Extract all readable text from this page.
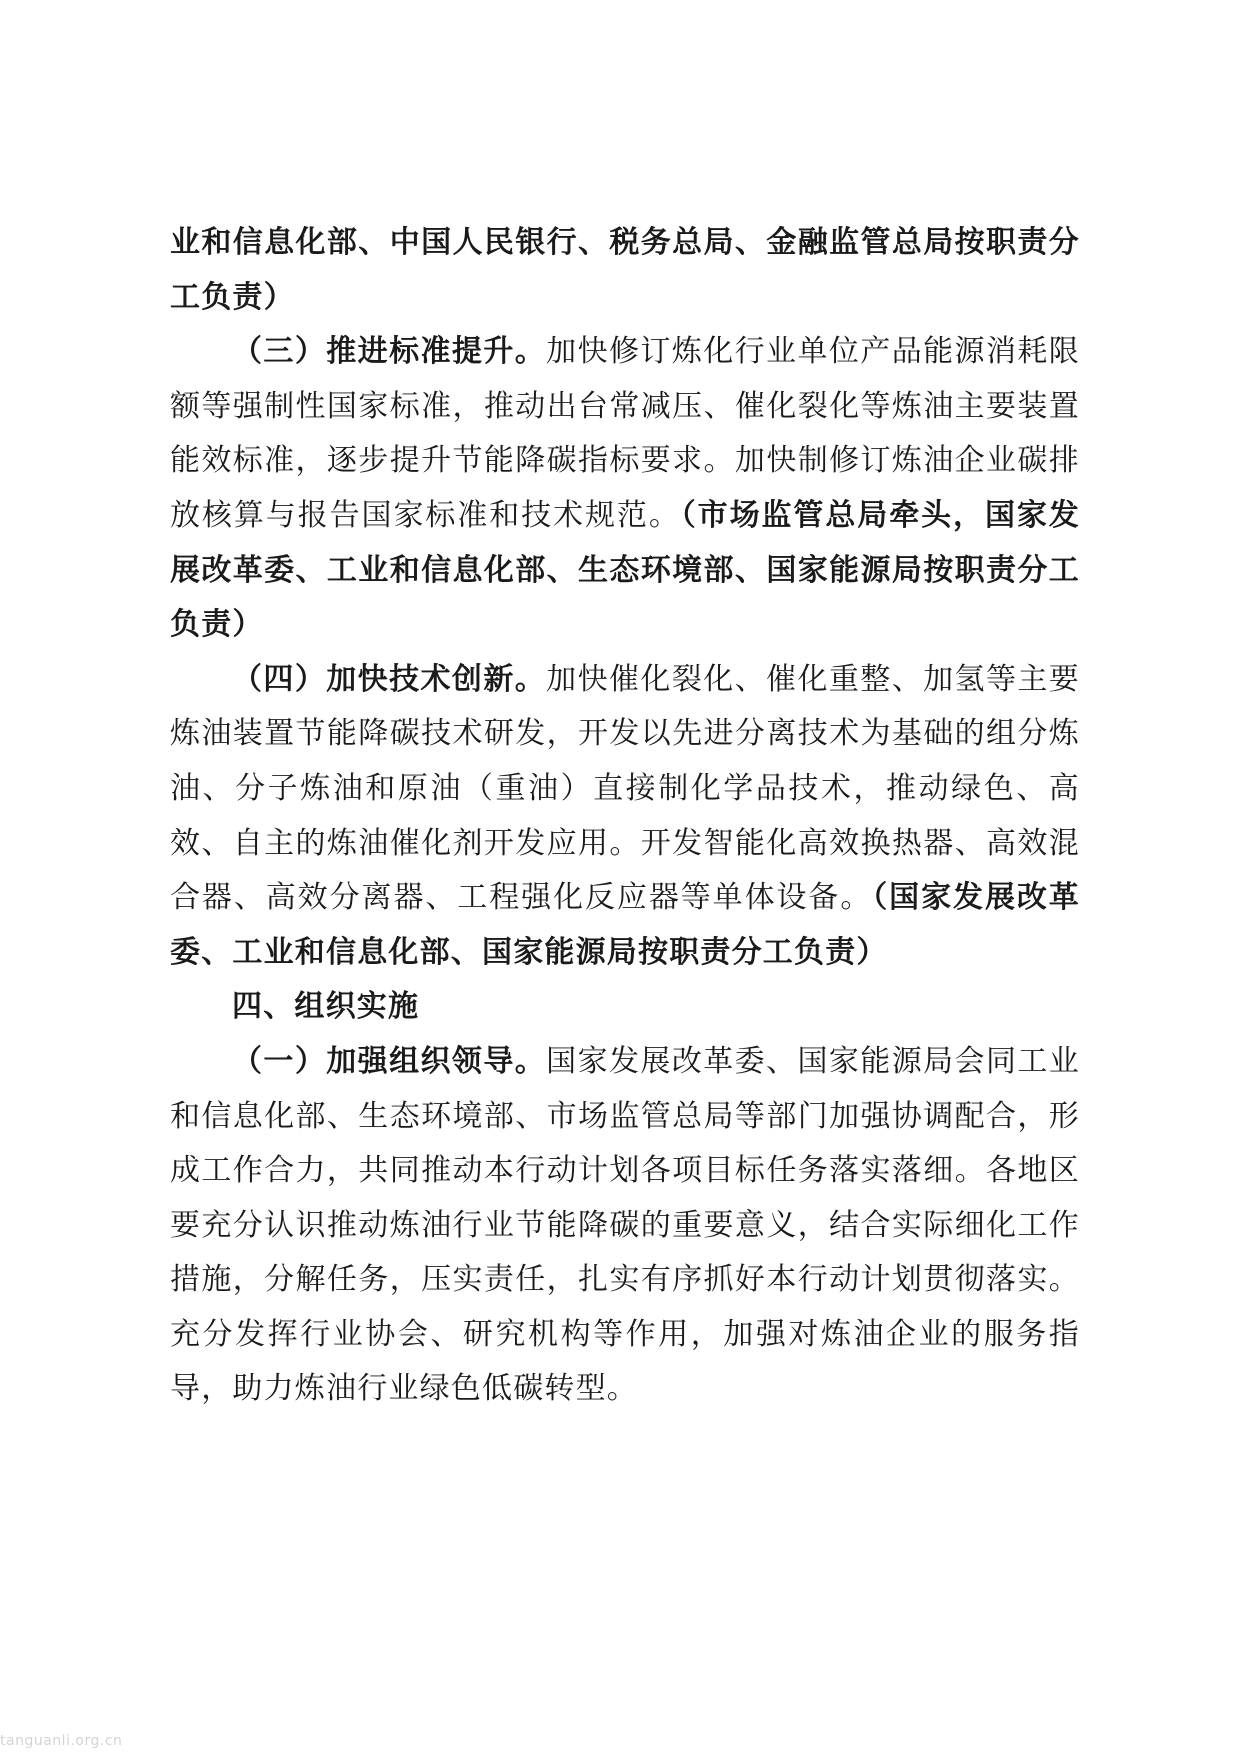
业和信息化部、中国人民银行、税务总局、金融监管总局按职责分工负责）

（三）推进标准提升。加快修订炼化行业单位产品能源消耗限额等强制性国家标准，推动出台常减压、催化裂化等炼油主要装置能效标准，逐步提升节能降碳指标要求。加快制修订炼油企业碳排放核算与报告国家标准和技术规范。（市场监管总局牵头，国家发展改革委、工业和信息化部、生态环境部、国家能源局按职责分工负责）

（四）加快技术创新。加快催化裂化、催化重整、加氢等主要炼油装置节能降碳技术研发，开发以先进分离技术为基础的组分炼油、分子炼油和原油（重油）直接制化学品技术，推动绿色、高效、自主的炼油催化剂开发应用。开发智能化高效换热器、高效混合器、高效分离器、工程强化反应器等单体设备。（国家发展改革委、工业和信息化部、国家能源局按职责分工负责）

四、组织实施

（一）加强组织领导。国家发展改革委、国家能源局会同工业和信息化部、生态环境部、市场监管总局等部门加强协调配合，形成工作合力，共同推动本行动计划各项目标任务落实落细。各地区要充分认识推动炼油行业节能降碳的重要意义，结合实际细化工作措施，分解任务，压实责任，扎实有序抓好本行动计划贯彻落实。充分发挥行业协会、研究机构等作用，加强对炼油企业的服务指导，助力炼油行业绿色低碳转型。

tanguanli.org.cn
